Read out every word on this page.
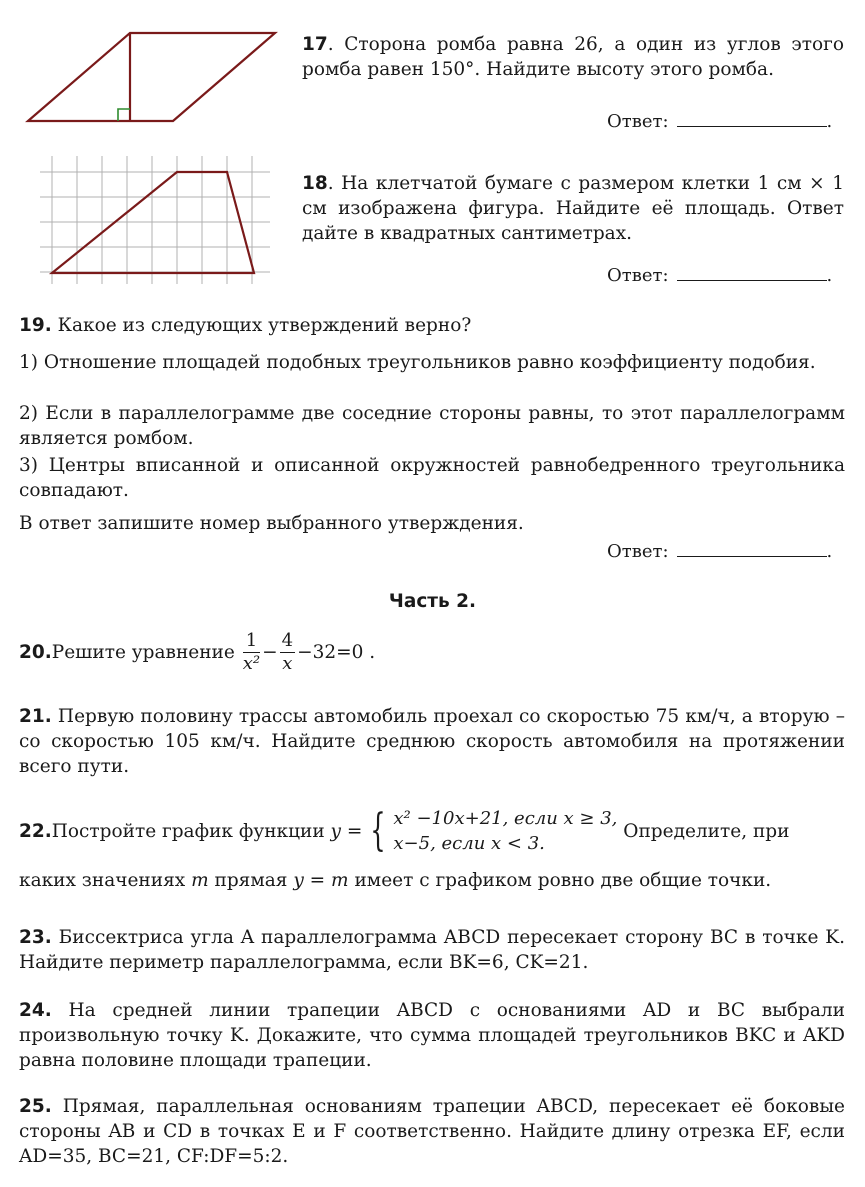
17. Сторона ромба равна 26, а один из углов этого ромба равен 150°. Найдите высоту этого ромба.
Ответ:	.
18. На клетчатой бумаге с размером клетки 1 см × 1 см изображена фигура. Найдите её площадь. Ответ дайте в квадратных сантиметрах.
Ответ:	.
19. Какое из следующих утверждений верно?
1) Отношение площадей подобных треугольников равно коэффициенту подобия.
2) Если в параллелограмме две соседние стороны равны, то этот параллелограмм является ромбом.
3) Центры вписанной и описанной окружностей равнобедренного треугольника совпадают.
В ответ запишите номер выбранного утверждения.
Ответ:	.
Часть 2.
20. Решите уравнение
$\frac{1}{\text{x²}} - \frac{4}{x} -32=0$ .
21. Первую половину трассы автомобиль проехал со скоростью 75 км/ч, а вторую – со скоростью 105 км/ч. Найдите среднюю скорость автомобиля на протяжении всего пути.
22. Постройте график функции
y = { x² −10x+21, если x ≥ 3,
x−5, если x < 3.

Определите, при
каких значениях m прямая y = m имеет с графиком ровно две общие точки.
23. Биссектриса угла A параллелограмма ABCD пересекает сторону BC в точке K. Найдите периметр параллелограмма, если BK=6, CK=21.
24. На средней линии трапеции ABCD с основаниями AD и BC выбрали произвольную точку K. Докажите, что сумма площадей треугольников BKC и AKD равна половине площади трапеции.
25. Прямая, параллельная основаниям трапеции ABCD, пересекает её боковые стороны AB и CD в точках E и F соответственно. Найдите длину отрезка EF, если AD=35, BC=21, CF:DF=5:2.
